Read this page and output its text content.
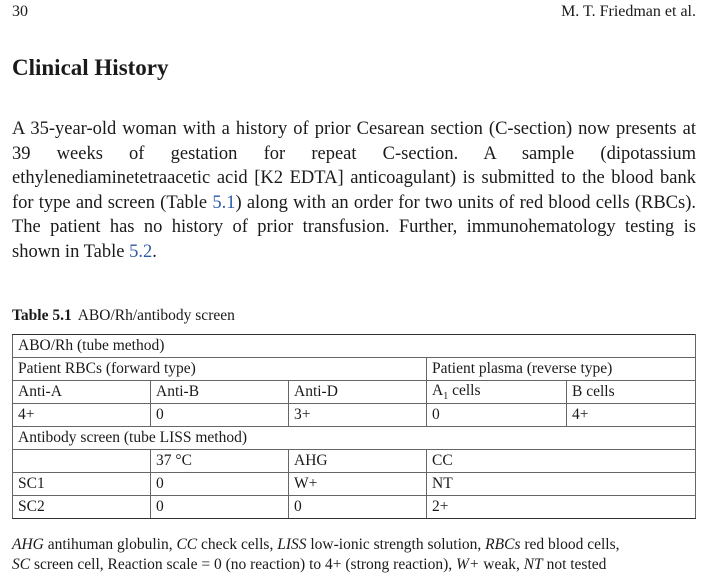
30	M. T. Friedman et al.
Clinical History
A 35-year-old woman with a history of prior Cesarean section (C-section) now presents at 39 weeks of gestation for repeat C-section. A sample (dipotassium ethylenediaminetetraacetic acid [K2 EDTA] anticoagulant) is submitted to the blood bank for type and screen (Table 5.1) along with an order for two units of red blood cells (RBCs). The patient has no history of prior transfusion. Further, immunohematology testing is shown in Table 5.2.
Table 5.1 ABO/Rh/antibody screen
ABO/Rh (tube method)				
Patient RBCs (forward type)			Patient plasma (reverse type)	
Anti-A	Anti-B	Anti-D	$A_1$ cells	B cells
4+	0	3+	0	4+
Antibody screen (tube LISS method)				
	37 °C	AHG	CC	
SC1	0	W+	NT	
SC2	0	0	2+	
AHG antihuman globulin, CC check cells, LISS low-ionic strength solution, RBCs red blood cells,
SC screen cell, Reaction scale = 0 (no reaction) to 4+ (strong reaction), W+ weak, NT not tested
